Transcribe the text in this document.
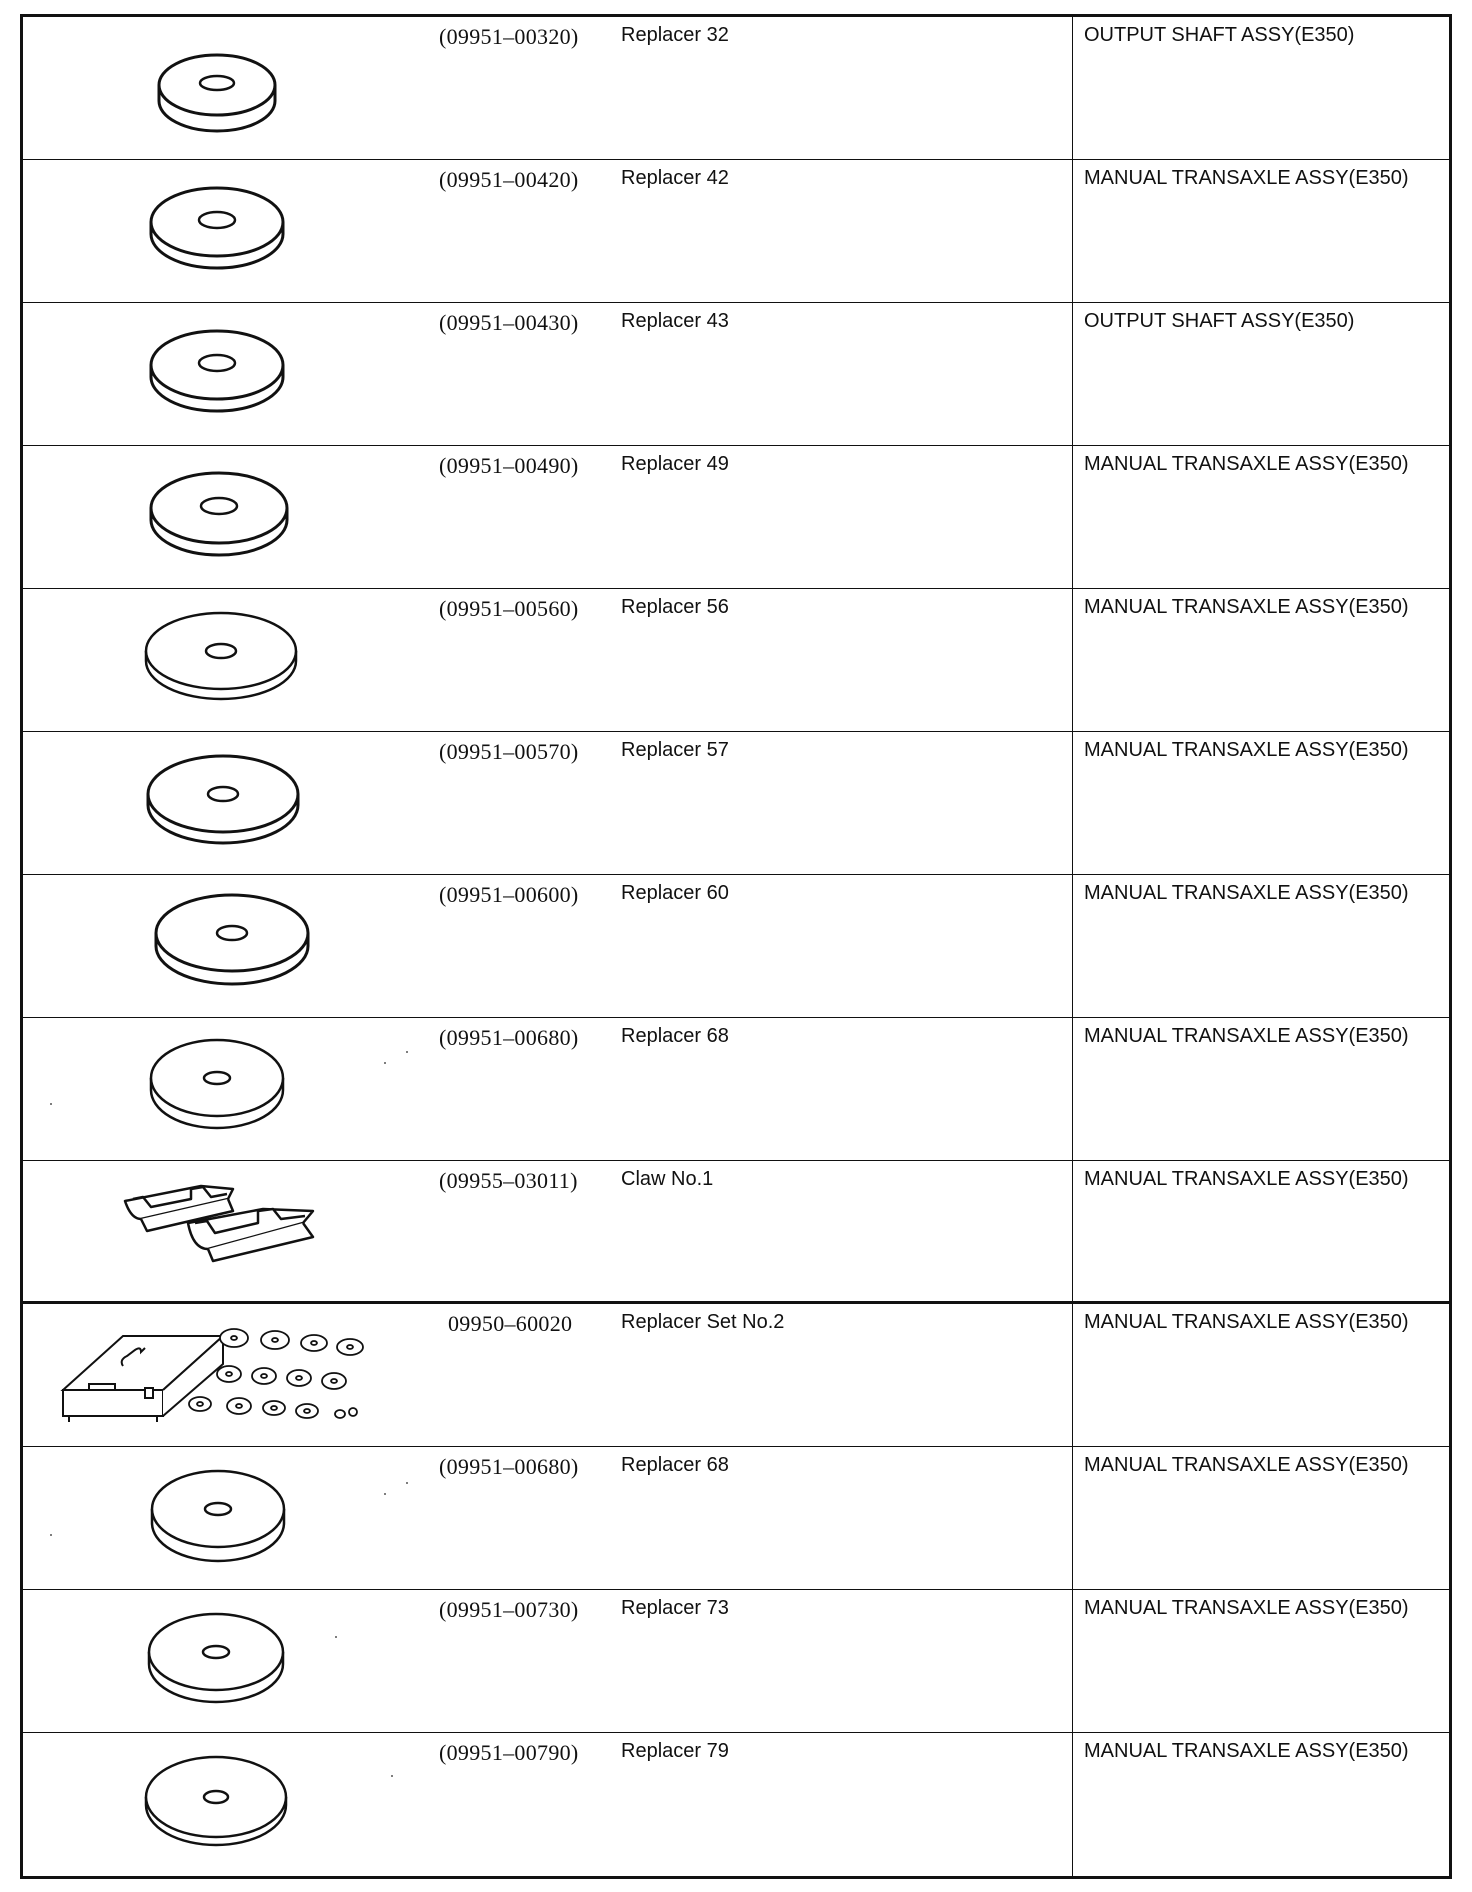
(09951–00320) Replacer 32	OUTPUT SHAFT ASSY(E350)
(09951–00420) Replacer 42	MANUAL TRANSAXLE ASSY(E350)
(09951–00430) Replacer 43	OUTPUT SHAFT ASSY(E350)
(09951–00490) Replacer 49	MANUAL TRANSAXLE ASSY(E350)
(09951–00560) Replacer 56	MANUAL TRANSAXLE ASSY(E350)
(09951–00570) Replacer 57	MANUAL TRANSAXLE ASSY(E350)
(09951–00600) Replacer 60	MANUAL TRANSAXLE ASSY(E350)
(09951–00680) Replacer 68	MANUAL TRANSAXLE ASSY(E350)
(09955–03011) Claw No.1	MANUAL TRANSAXLE ASSY(E350)
09950–60020 Replacer Set No.2	MANUAL TRANSAXLE ASSY(E350)
(09951–00680) Replacer 68	MANUAL TRANSAXLE ASSY(E350)
(09951–00730) Replacer 73	MANUAL TRANSAXLE ASSY(E350)
(09951–00790) Replacer 79	MANUAL TRANSAXLE ASSY(E350)
